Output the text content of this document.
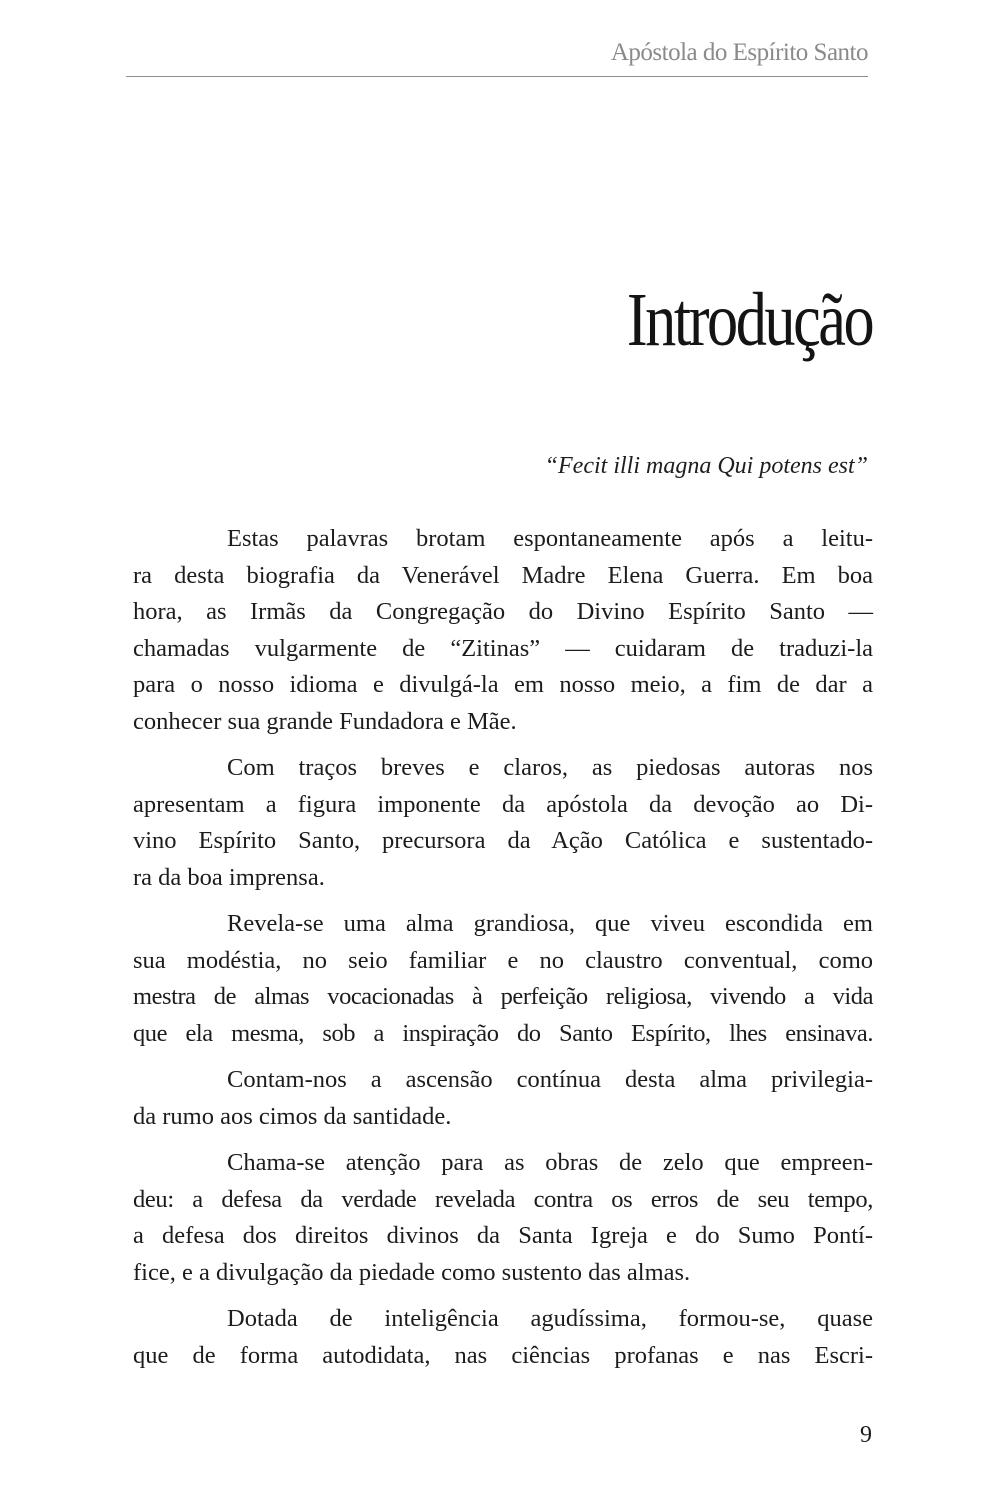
Apóstola do Espírito Santo
Introdução
“Fecit illi magna Qui potens est”

Estas palavras brotam espontaneamente após a leitu-
ra desta biografia da Venerável Madre Elena Guerra. Em boa
hora, as Irmãs da Congregação do Divino Espírito Santo —
chamadas vulgarmente de “Zitinas” — cuidaram de traduzi-la
para o nosso idioma e divulgá-la em nosso meio, a fim de dar a
conhecer sua grande Fundadora e Mãe.

Com traços breves e claros, as piedosas autoras nos
apresentam a figura imponente da apóstola da devoção ao Di-
vino Espírito Santo, precursora da Ação Católica e sustentado-
ra da boa imprensa.

Revela-se uma alma grandiosa, que viveu escondida em
sua modéstia, no seio familiar e no claustro conventual, como
mestra de almas vocacionadas à perfeição religiosa, vivendo a vida
que ela mesma, sob a inspiração do Santo Espírito, lhes ensinava.

Contam-nos a ascensão contínua desta alma privilegia-
da rumo aos cimos da santidade.

Chama-se atenção para as obras de zelo que empreen-
deu: a defesa da verdade revelada contra os erros de seu tempo,
a defesa dos direitos divinos da Santa Igreja e do Sumo Pontí-
fice, e a divulgação da piedade como sustento das almas.

Dotada de inteligência agudíssima, formou-se, quase
que de forma autodidata, nas ciências profanas e nas Escri-

9
